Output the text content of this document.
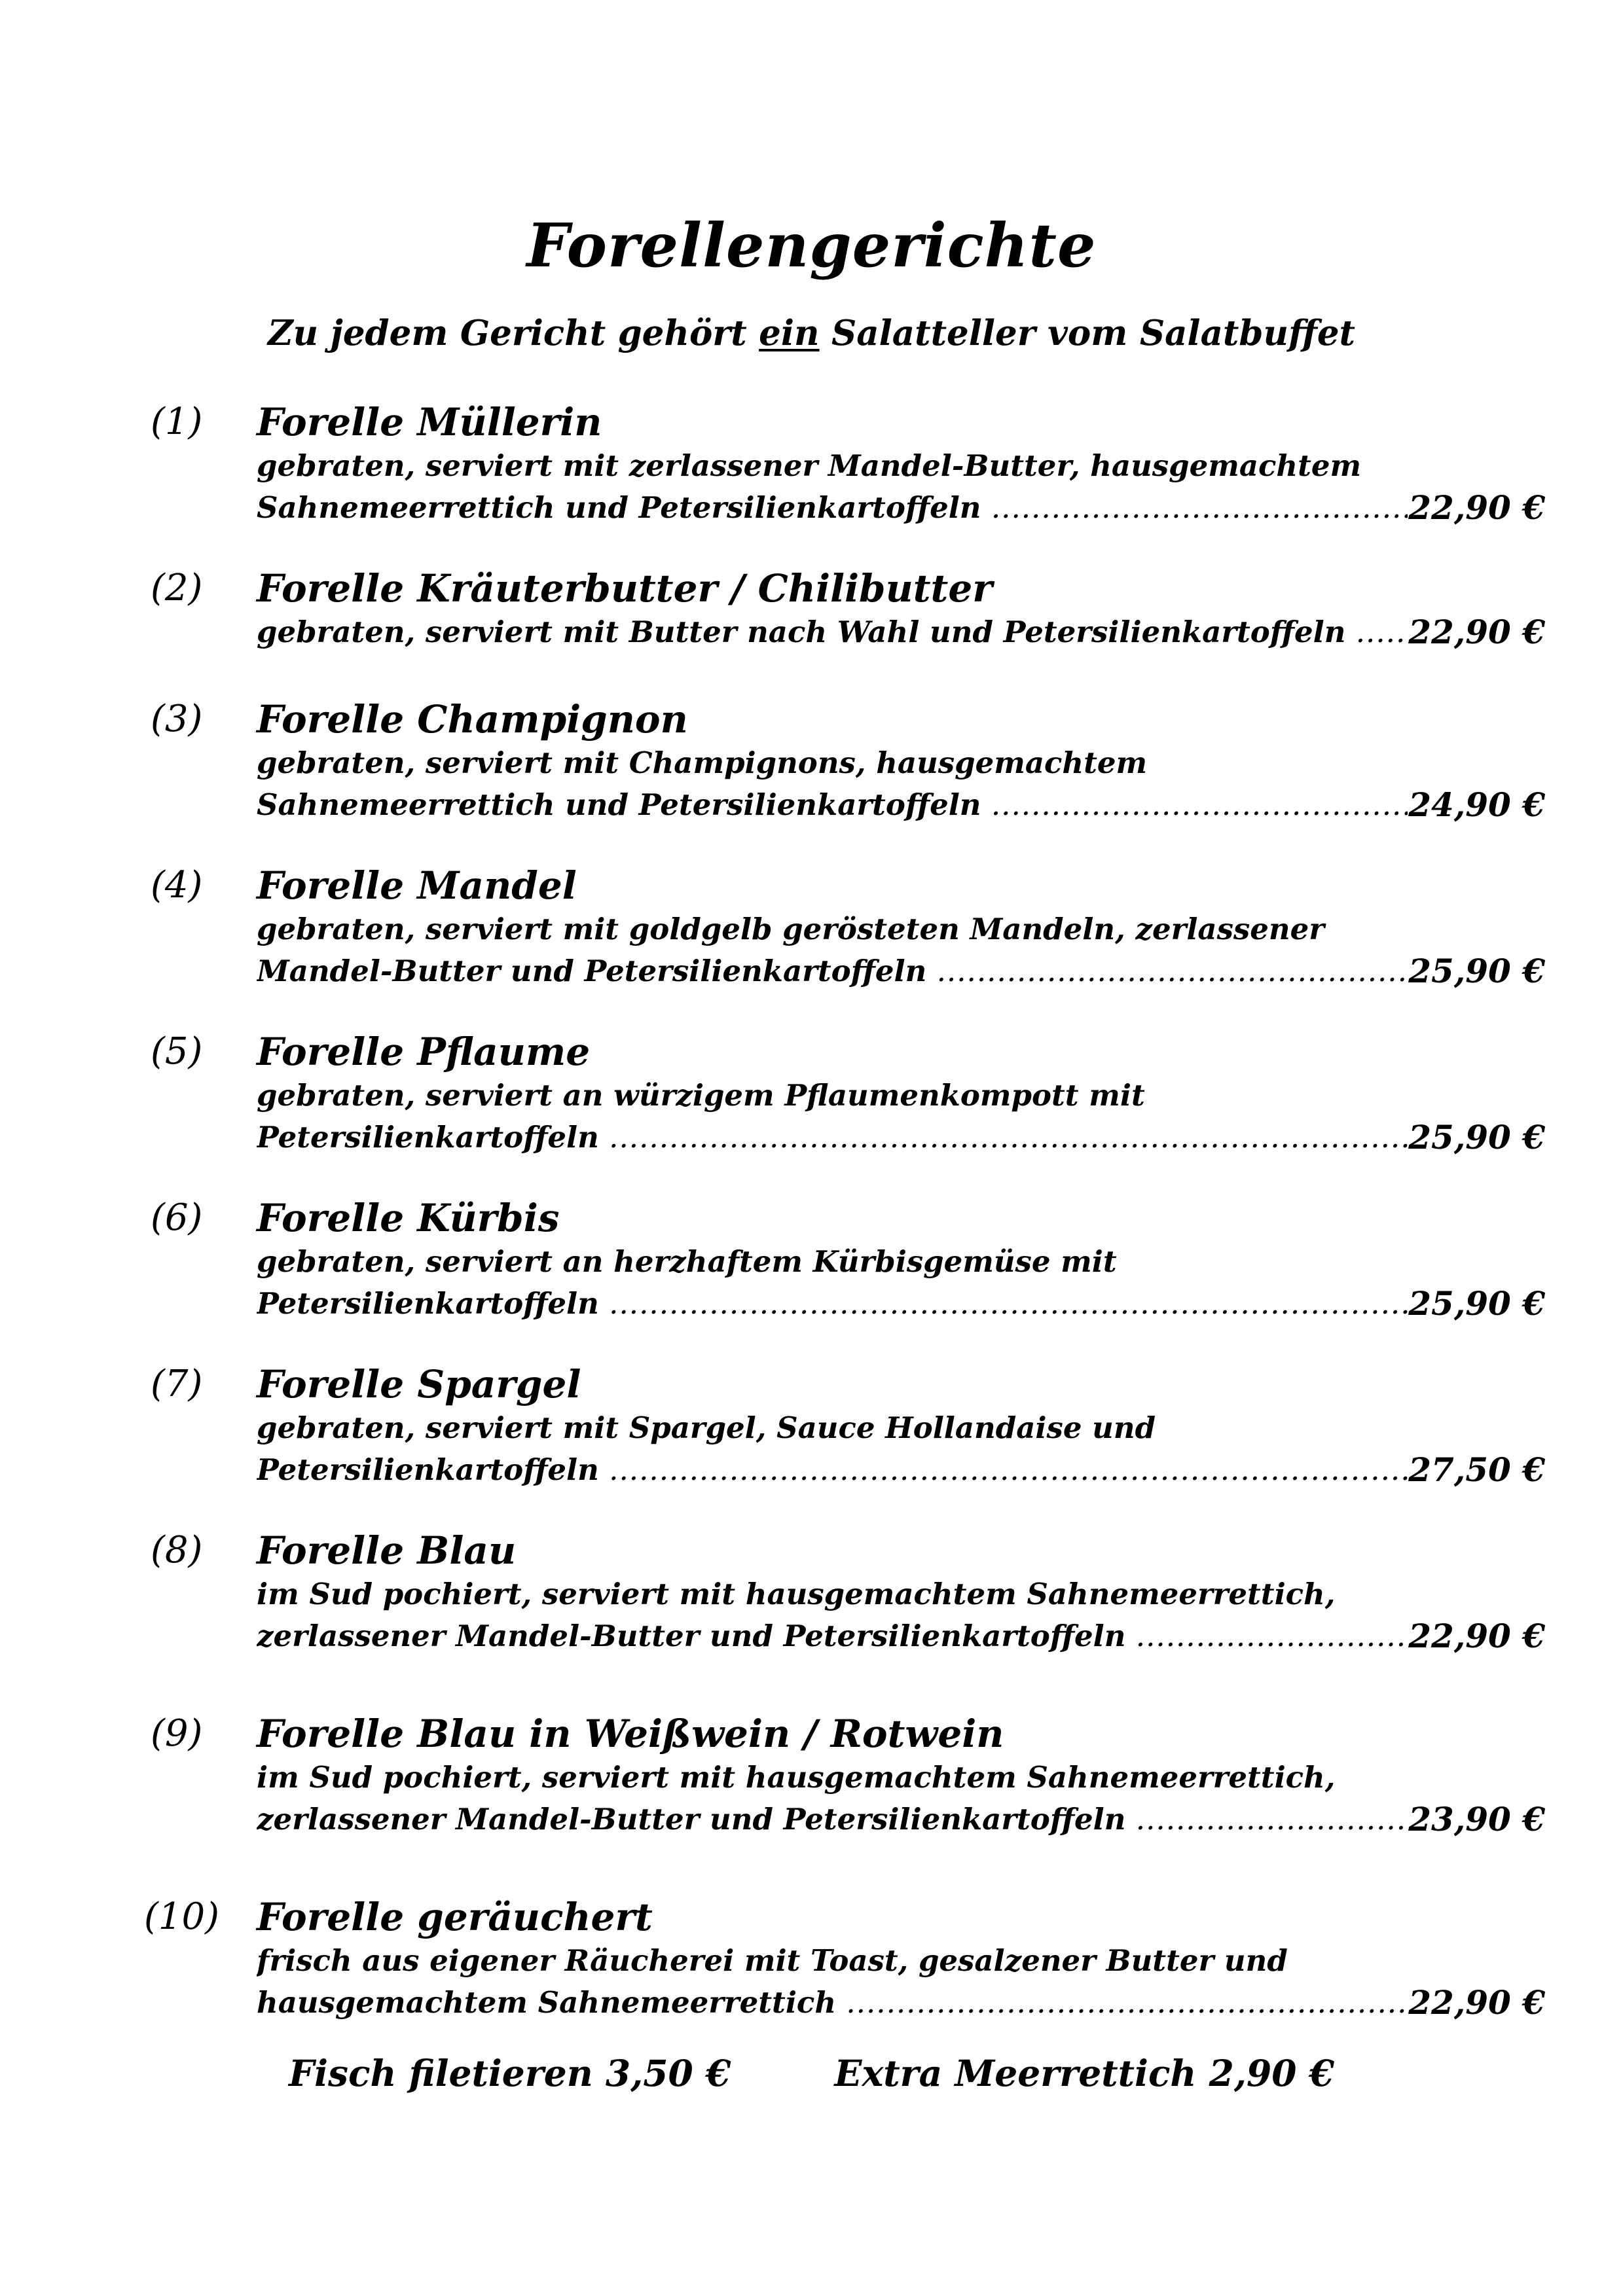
Forellengerichte
Zu jedem Gericht gehört ein Salatteller vom Salatbuffet
(1) Forelle Müllerin
gebraten, serviert mit zerlassener Mandel-Butter, hausgemachtem
Sahnemeerrettich und Petersilienkartoffeln .....	22,90 €
(2) Forelle Kräuterbutter / Chilibutter
gebraten, serviert mit Butter nach Wahl und Petersilienkartoffeln .....	22,90 €
(3) Forelle Champignon
gebraten, serviert mit Champignons, hausgemachtem
Sahnemeerrettich und Petersilienkartoffeln .....	24,90 €
(4) Forelle Mandel
gebraten, serviert mit goldgelb gerösteten Mandeln, zerlassener
Mandel-Butter und Petersilienkartoffeln .....	25,90 €
(5) Forelle Pflaume
gebraten, serviert an würzigem Pflaumenkompott mit
Petersilienkartoffeln .....	25,90 €
(6) Forelle Kürbis
gebraten, serviert an herzhaftem Kürbisgemüse mit
Petersilienkartoffeln .....	25,90 €
(7) Forelle Spargel
gebraten, serviert mit Spargel, Sauce Hollandaise und
Petersilienkartoffeln .....	27,50 €
(8) Forelle Blau
im Sud pochiert, serviert mit hausgemachtem Sahnemeerrettich,
zerlassener Mandel-Butter und Petersilienkartoffeln .....	22,90 €
(9) Forelle Blau in Weißwein / Rotwein
im Sud pochiert, serviert mit hausgemachtem Sahnemeerrettich,
zerlassener Mandel-Butter und Petersilienkartoffeln .....	23,90 €
(10) Forelle geräuchert
frisch aus eigener Räucherei mit Toast, gesalzener Butter und
hausgemachtem Sahnemeerrettich .....	22,90 €
Fisch filetieren 3,50 €	Extra Meerrettich 2,90 €
